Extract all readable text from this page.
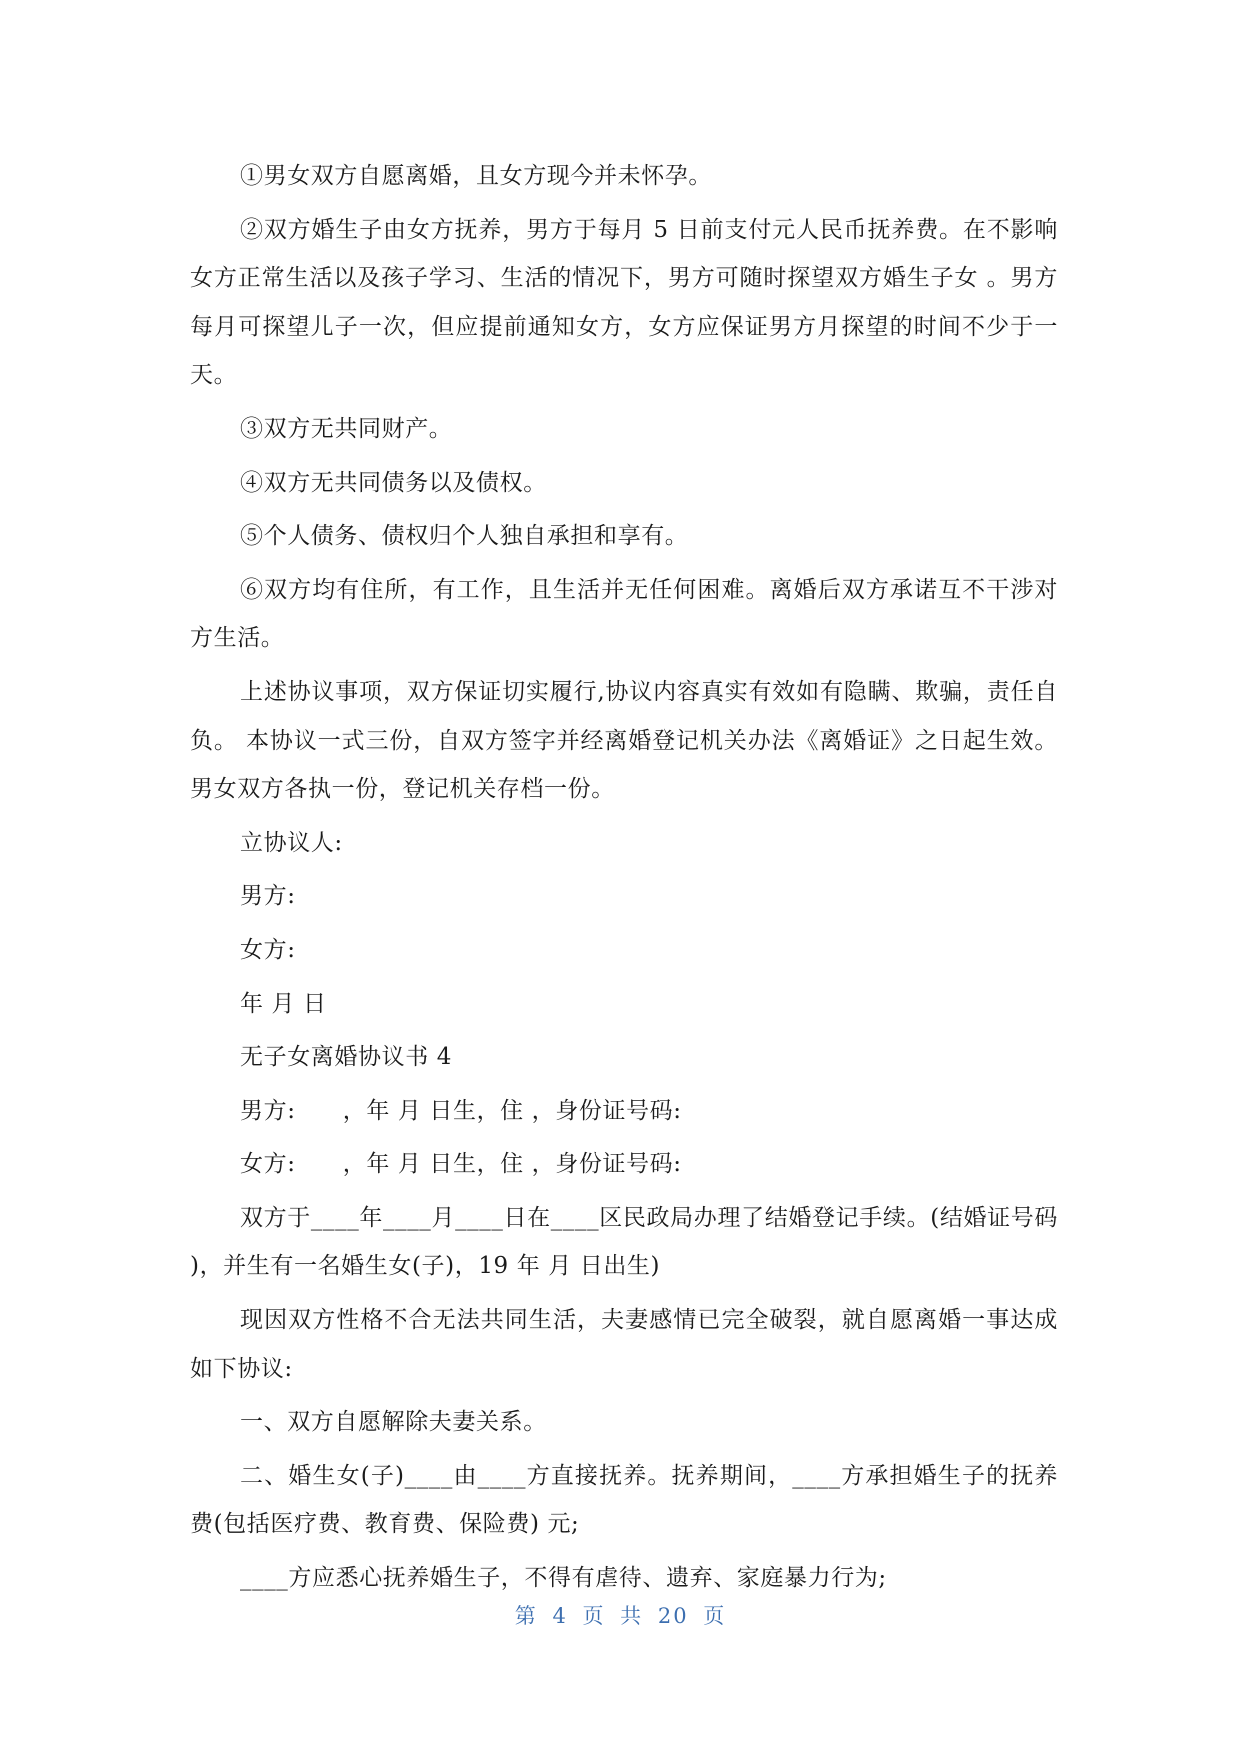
①男女双方自愿离婚，且女方现今并未怀孕。

②双方婚生子由女方抚养，男方于每月 5 日前支付元人民币抚养费。在不影响女方正常生活以及孩子学习、生活的情况下，男方可随时探望双方婚生子女 。男方每月可探望儿子一次，但应提前通知女方，女方应保证男方月探望的时间不少于一天。

③双方无共同财产。

④双方无共同债务以及债权。

⑤个人债务、债权归个人独自承担和享有。

⑥双方均有住所，有工作，且生活并无任何困难。离婚后双方承诺互不干涉对方生活。

上述协议事项，双方保证切实履行,协议内容真实有效如有隐瞒、欺骗，责任自负。 本协议一式三份，自双方签字并经离婚登记机关办法《离婚证》之日起生效。男女双方各执一份，登记机关存档一份。

立协议人:

男方:

女方:

年 月 日

无子女离婚协议书 4

男方:　　，年 月 日生，住 ，身份证号码:

女方:　　，年 月 日生，住 ，身份证号码:

双方于____年____月____日在____区民政局办理了结婚登记手续。(结婚证号码 )，并生有一名婚生女(子)，19 年 月 日出生)

现因双方性格不合无法共同生活，夫妻感情已完全破裂，就自愿离婚一事达成如下协议:

一、双方自愿解除夫妻关系。

二、婚生女(子)____由____方直接抚养。抚养期间，____方承担婚生子的抚养费(包括医疗费、教育费、保险费) 元;

____方应悉心抚养婚生子，不得有虐待、遗弃、家庭暴力行为;

第 4 页 共 20 页
